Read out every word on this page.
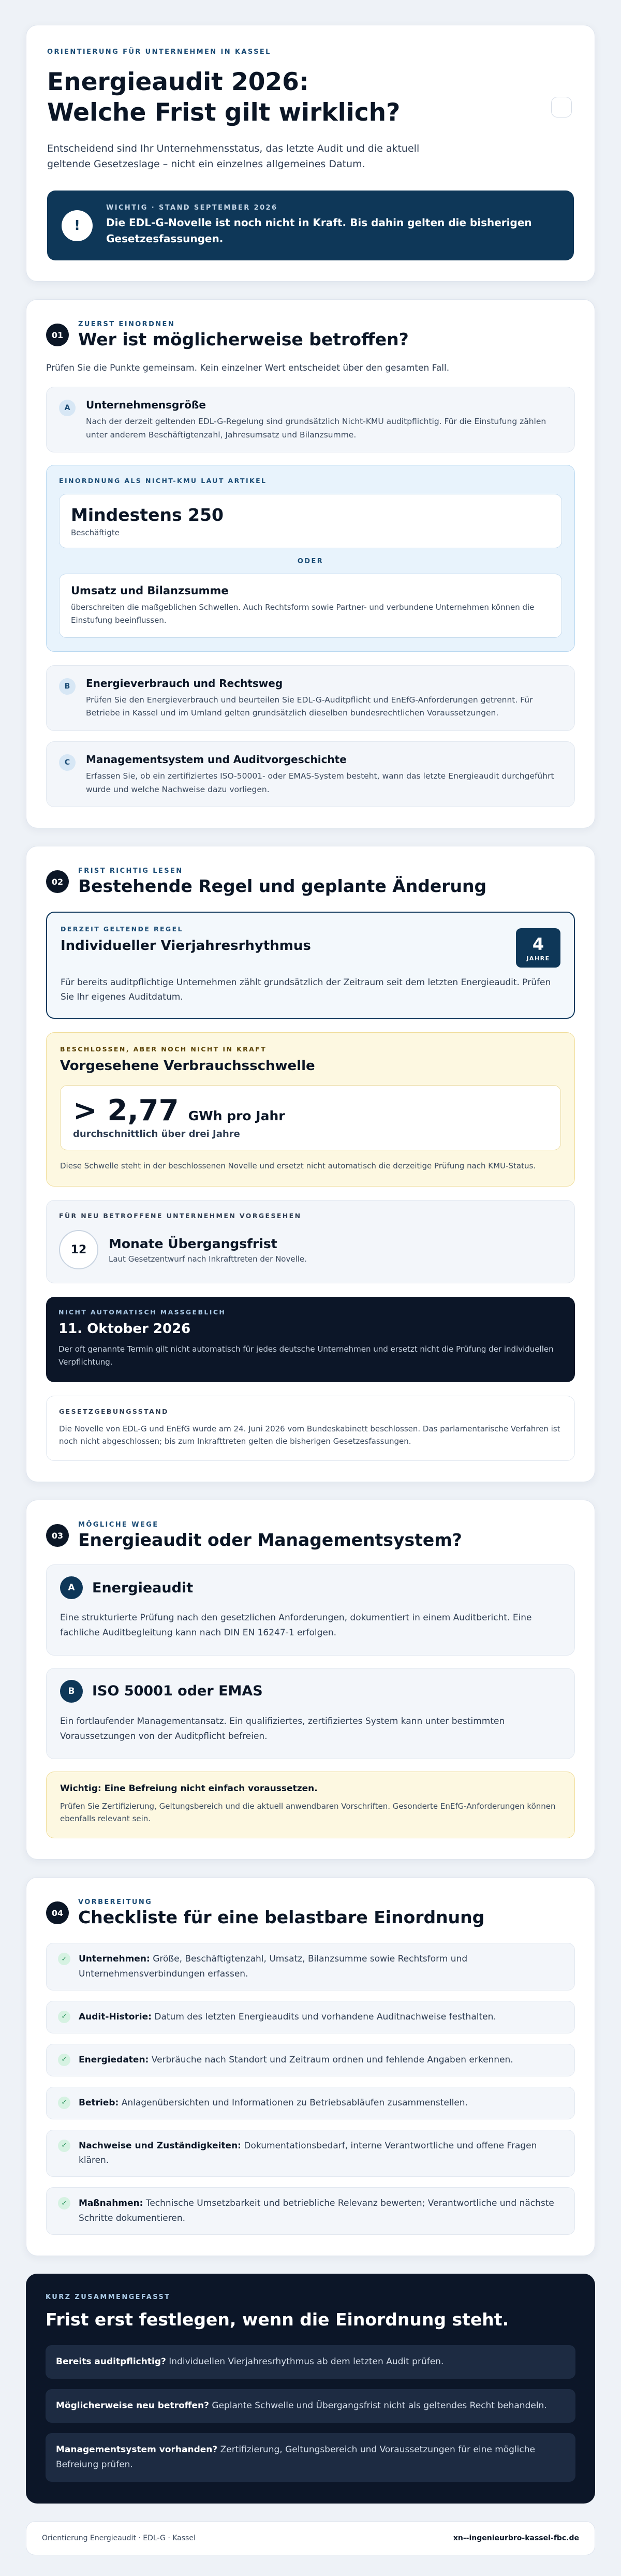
ORIENTIERUNG FÜR UNTERNEHMEN IN KASSEL
Energieaudit 2026:
Welche Frist gilt wirklich?

Entscheidend sind Ihr Unternehmensstatus, das letzte Audit und die aktuell geltende Gesetzeslage – nicht ein einzelnes allgemeines Datum.

!
WICHTIG · STAND SEPTEMBER 2026
Die EDL-G-Novelle ist noch nicht in Kraft. Bis dahin gelten die bisherigen Gesetzesfassungen.
01
ZUERST EINORDNEN
Wer ist möglicherweise betroffen?

Prüfen Sie die Punkte gemeinsam. Kein einzelner Wert entscheidet über den gesamten Fall.

A	Unternehmensgröße
Nach der derzeit geltenden EDL-G-Regelung sind grundsätzlich Nicht-KMU auditpflichtig. Für die Einstufung zählen unter anderem Beschäftigtenzahl, Jahresumsatz und Bilanzsumme.
EINORDNUNG ALS NICHT-KMU LAUT ARTIKEL
Mindestens 250
Beschäftigte
ODER
Umsatz und Bilanzsumme
überschreiten die maßgeblichen Schwellen. Auch Rechtsform sowie Partner- und verbundene Unternehmen können die Einstufung beeinflussen.
B	Energieverbrauch und Rechtsweg
Prüfen Sie den Energieverbrauch und beurteilen Sie EDL-G-Auditpflicht und EnEfG-Anforderungen getrennt. Für Betriebe in Kassel und im Umland gelten grundsätzlich dieselben bundesrechtlichen Voraussetzungen.
C	Managementsystem und Auditvorgeschichte
Erfassen Sie, ob ein zertifiziertes ISO-50001- oder EMAS-System besteht, wann das letzte Energieaudit durchgeführt wurde und welche Nachweise dazu vorliegen.
02
FRIST RICHTIG LESEN
Bestehende Regel und geplante Änderung
DERZEIT GELTENDE REGEL
Individueller Vierjahresrhythmus	4
JAHRE
Für bereits auditpflichtige Unternehmen zählt grundsätzlich der Zeitraum seit dem letzten Energieaudit. Prüfen Sie Ihr eigenes Auditdatum.
BESCHLOSSEN, ABER NOCH NICHT IN KRAFT
Vorgesehene Verbrauchsschwelle
> 2,77 GWh pro Jahr
durchschnittlich über drei Jahre
Diese Schwelle steht in der beschlossenen Novelle und ersetzt nicht automatisch die derzeitige Prüfung nach KMU-Status.
FÜR NEU BETROFFENE UNTERNEHMEN VORGESEHEN
12	Monate Übergangsfrist
Laut Gesetzentwurf nach Inkrafttreten der Novelle.
NICHT AUTOMATISCH MASSGEBLICH
11. Oktober 2026
Der oft genannte Termin gilt nicht automatisch für jedes deutsche Unternehmen und ersetzt nicht die Prüfung der individuellen Verpflichtung.
GESETZGEBUNGSSTAND
Die Novelle von EDL-G und EnEfG wurde am 24. Juni 2026 vom Bundeskabinett beschlossen. Das parlamentarische Verfahren ist noch nicht abgeschlossen; bis zum Inkrafttreten gelten die bisherigen Gesetzesfassungen.
03
MÖGLICHE WEGE
Energieaudit oder Managementsystem?
A	Energieaudit
Eine strukturierte Prüfung nach den gesetzlichen Anforderungen, dokumentiert in einem Auditbericht. Eine fachliche Auditbegleitung kann nach DIN EN 16247-1 erfolgen.
B	ISO 50001 oder EMAS
Ein fortlaufender Managementansatz. Ein qualifiziertes, zertifiziertes System kann unter bestimmten Voraussetzungen von der Auditpflicht befreien.
Wichtig: Eine Befreiung nicht einfach voraussetzen.
Prüfen Sie Zertifizierung, Geltungsbereich und die aktuell anwendbaren Vorschriften. Gesonderte EnEfG-Anforderungen können ebenfalls relevant sein.
04
VORBEREITUNG
Checkliste für eine belastbare Einordnung
✓	Unternehmen: Größe, Beschäftigtenzahl, Umsatz, Bilanzsumme sowie Rechtsform und Unternehmensverbindungen erfassen.
✓	Audit-Historie: Datum des letzten Energieaudits und vorhandene Auditnachweise festhalten.
✓	Energiedaten: Verbräuche nach Standort und Zeitraum ordnen und fehlende Angaben erkennen.
✓	Betrieb: Anlagenübersichten und Informationen zu Betriebsabläufen zusammenstellen.
✓	Nachweise und Zuständigkeiten: Dokumentationsbedarf, interne Verantwortliche und offene Fragen klären.
✓	Maßnahmen: Technische Umsetzbarkeit und betriebliche Relevanz bewerten; Verantwortliche und nächste Schritte dokumentieren.
KURZ ZUSAMMENGEFASST
Frist erst festlegen, wenn die Einordnung steht.
Bereits auditpflichtig? Individuellen Vierjahresrhythmus ab dem letzten Audit prüfen.
Möglicherweise neu betroffen? Geplante Schwelle und Übergangsfrist nicht als geltendes Recht behandeln.
Managementsystem vorhanden? Zertifizierung, Geltungsbereich und Voraussetzungen für eine mögliche Befreiung prüfen.
Orientierung Energieaudit · EDL-G · Kassel	xn--ingenieurbro-kassel-fbc.de
